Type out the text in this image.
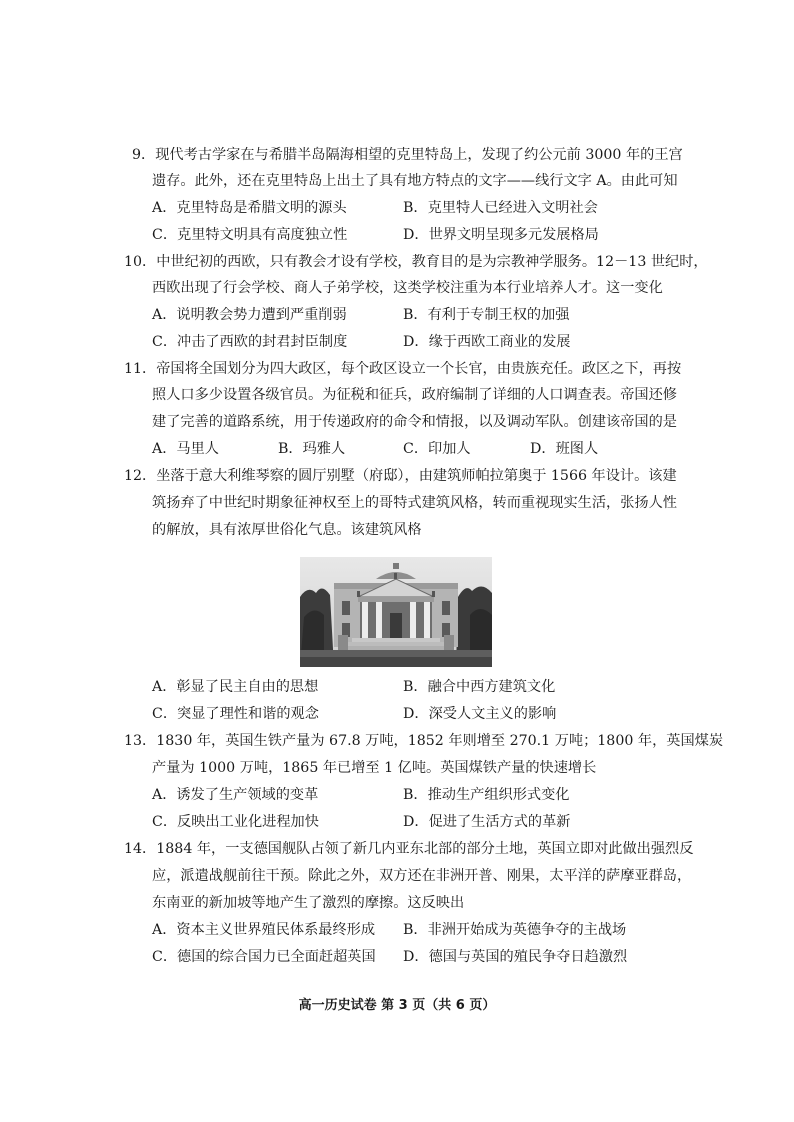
9．现代考古学家在与希腊半岛隔海相望的克里特岛上，发现了约公元前 3000 年的王宫
遗存。此外，还在克里特岛上出土了具有地方特点的文字——线行文字 A。由此可知
A．克里特岛是希腊文明的源头	B．克里特人已经进入文明社会
C．克里特文明具有高度独立性	D．世界文明呈现多元发展格局
10．中世纪初的西欧，只有教会才设有学校，教育目的是为宗教神学服务。12－13 世纪时，
西欧出现了行会学校、商人子弟学校，这类学校注重为本行业培养人才。这一变化
A．说明教会势力遭到严重削弱	B．有利于专制王权的加强
C．冲击了西欧的封君封臣制度	D．缘于西欧工商业的发展
11．帝国将全国划分为四大政区，每个政区设立一个长官，由贵族充任。政区之下，再按
照人口多少设置各级官员。为征税和征兵，政府编制了详细的人口调查表。帝国还修
建了完善的道路系统，用于传递政府的命令和情报，以及调动军队。创建该帝国的是
A．马里人	B．玛雅人	C．印加人	D．班图人
12．坐落于意大利维琴察的圆厅别墅（府邸），由建筑师帕拉第奥于 1566 年设计。该建
筑扬弃了中世纪时期象征神权至上的哥特式建筑风格，转而重视现实生活，张扬人性
的解放，具有浓厚世俗化气息。该建筑风格
A．彰显了民主自由的思想	B．融合中西方建筑文化
C．突显了理性和谐的观念	D．深受人文主义的影响
13．1830 年，英国生铁产量为 67.8 万吨，1852 年则增至 270.1 万吨；1800 年，英国煤炭
产量为 1000 万吨，1865 年已增至 1 亿吨。英国煤铁产量的快速增长
A．诱发了生产领域的变革	B．推动生产组织形式变化
C．反映出工业化进程加快	D．促进了生活方式的革新
14．1884 年，一支德国舰队占领了新几内亚东北部的部分土地，英国立即对此做出强烈反
应，派遣战舰前往干预。除此之外，双方还在非洲开普、刚果，太平洋的萨摩亚群岛，
东南亚的新加坡等地产生了激烈的摩擦。这反映出
A．资本主义世界殖民体系最终形成 B．非洲开始成为英德争夺的主战场
C．德国的综合国力已全面赶超英国 D．德国与英国的殖民争夺日趋激烈
高一历史试卷 第 3 页（共 6 页）
